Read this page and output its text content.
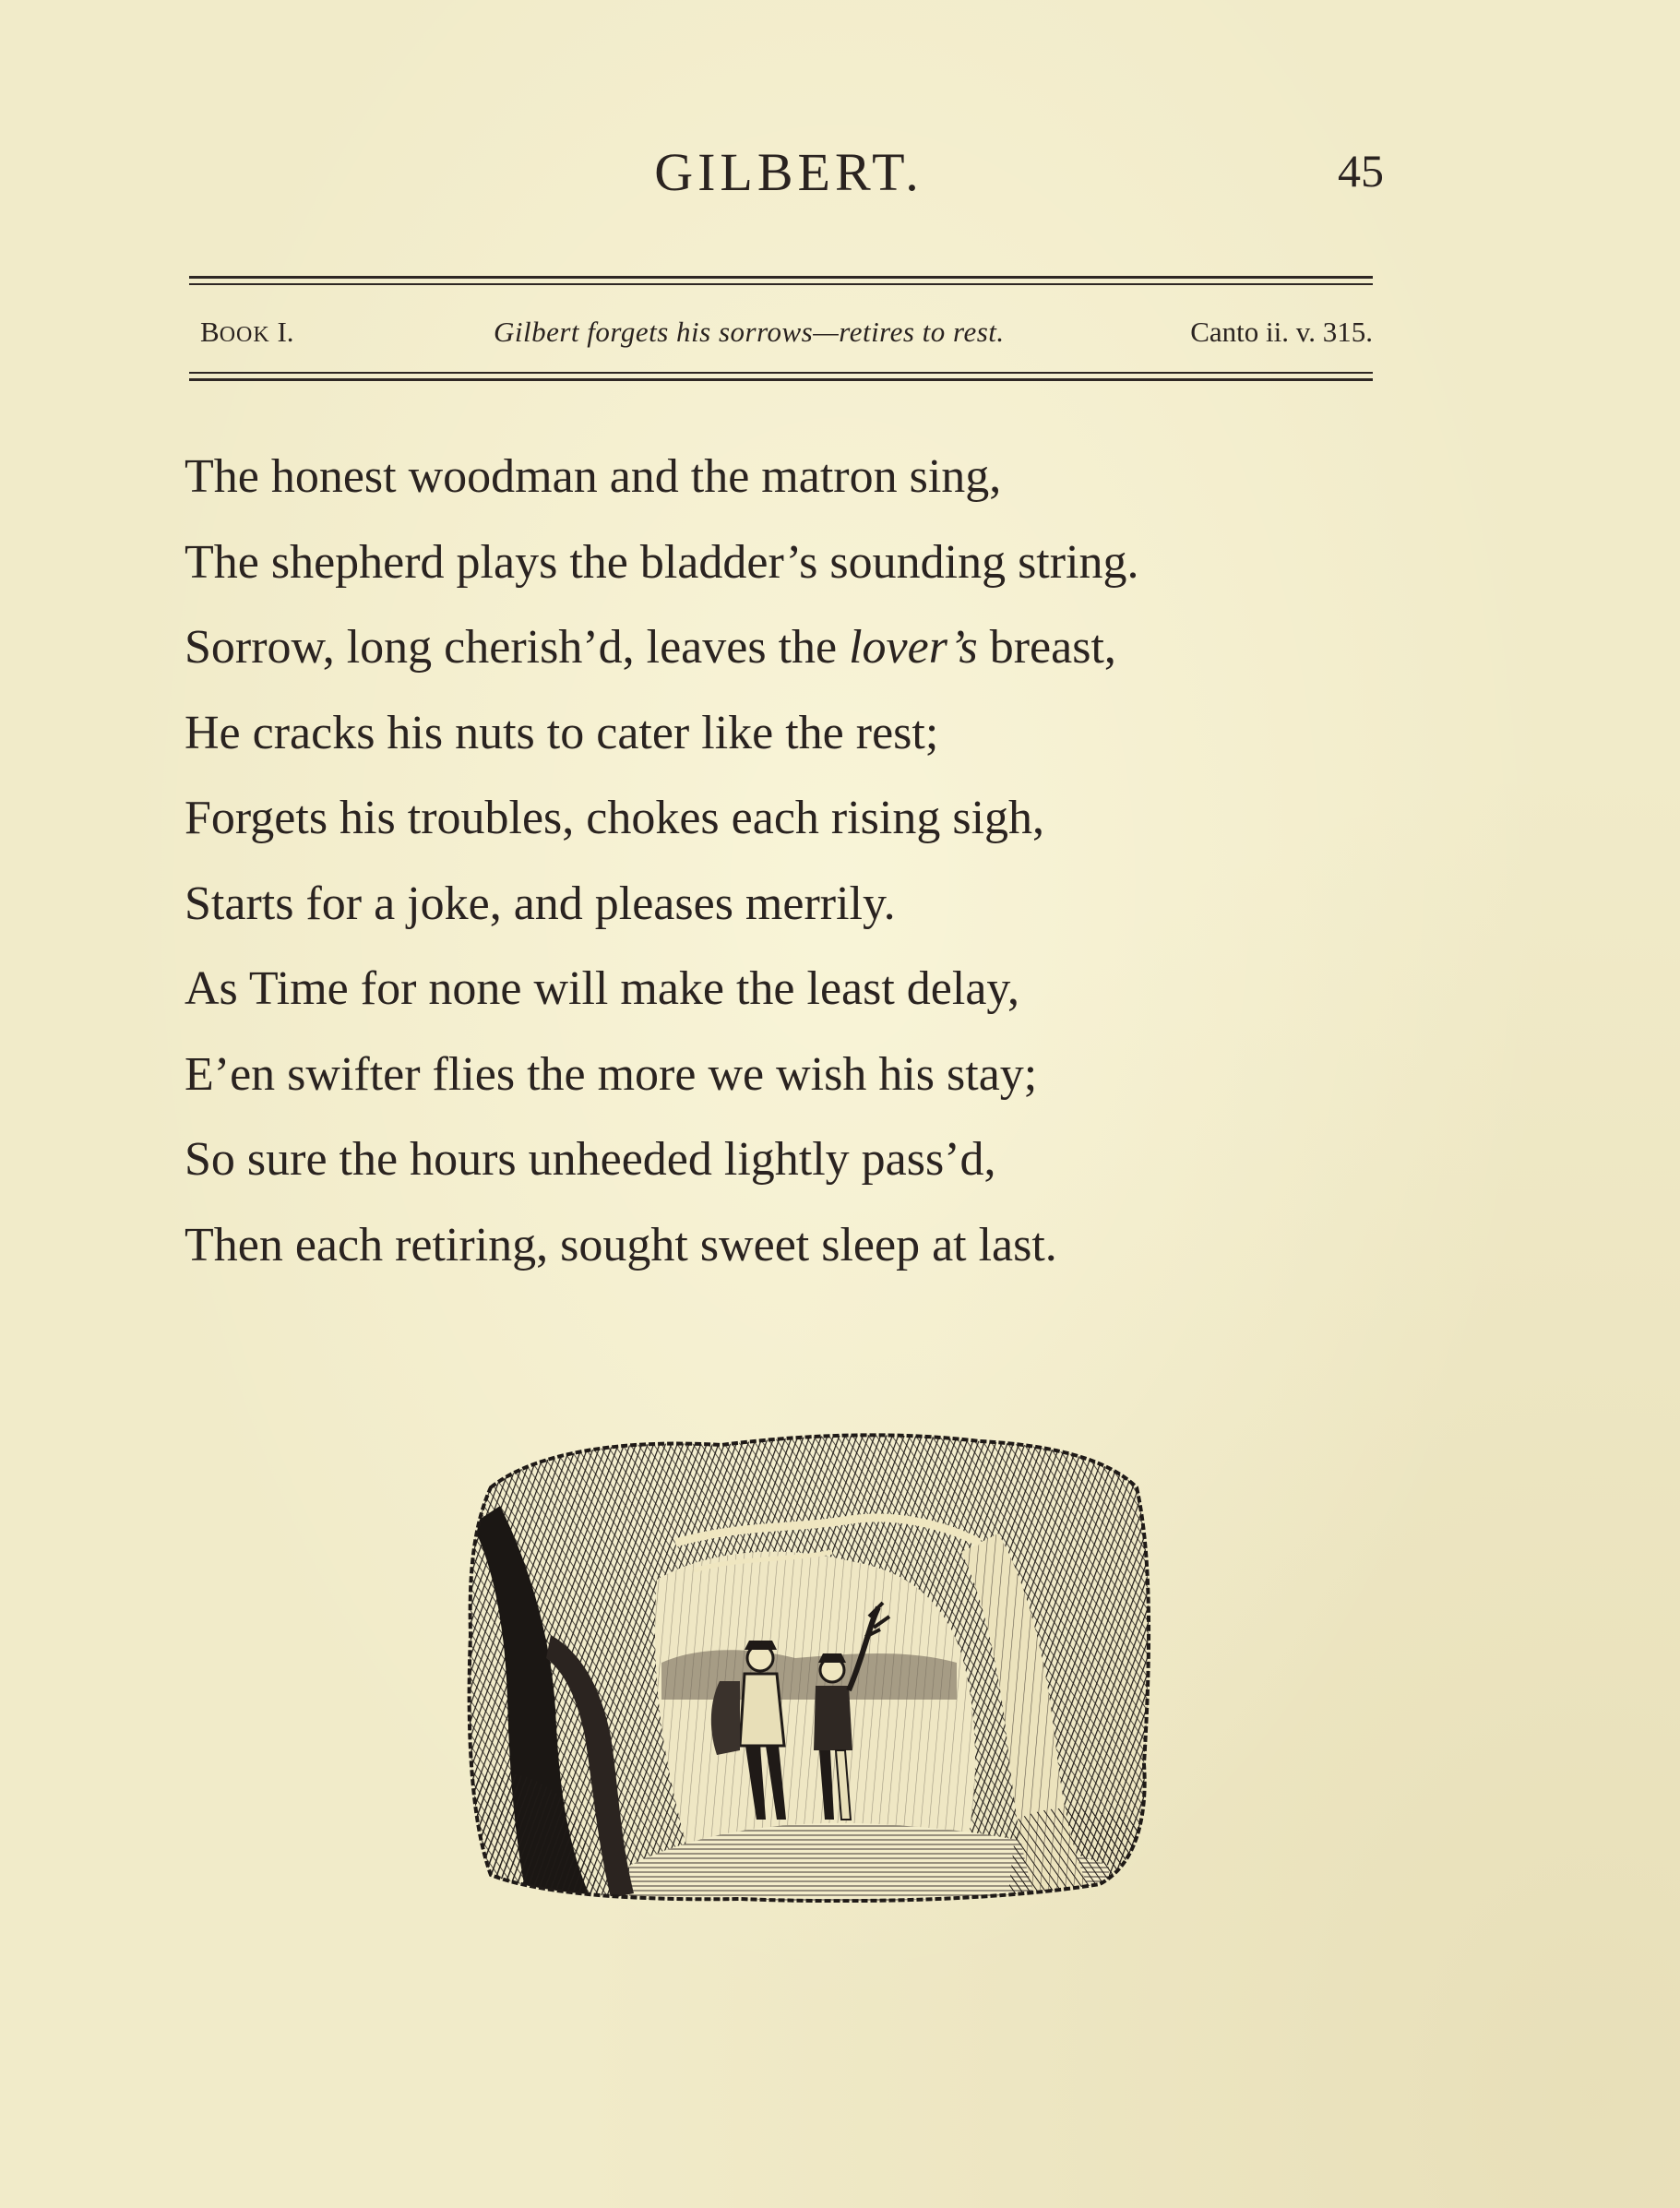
GILBERT.	45
BOOK I.	Gilbert forgets his sorrows—retires to rest.	Canto ii. v. 315.
The honest woodman and the matron sing,
The shepherd plays the bladder’s sounding string.
Sorrow, long cherish’d, leaves the lover’s breast,
He cracks his nuts to cater like the rest;
Forgets his troubles, chokes each rising sigh,
Starts for a joke, and pleases merrily.
As Time for none will make the least delay,
E’en swifter flies the more we wish his stay;
So sure the hours unheeded lightly pass’d,
Then each retiring, sought sweet sleep at last.
